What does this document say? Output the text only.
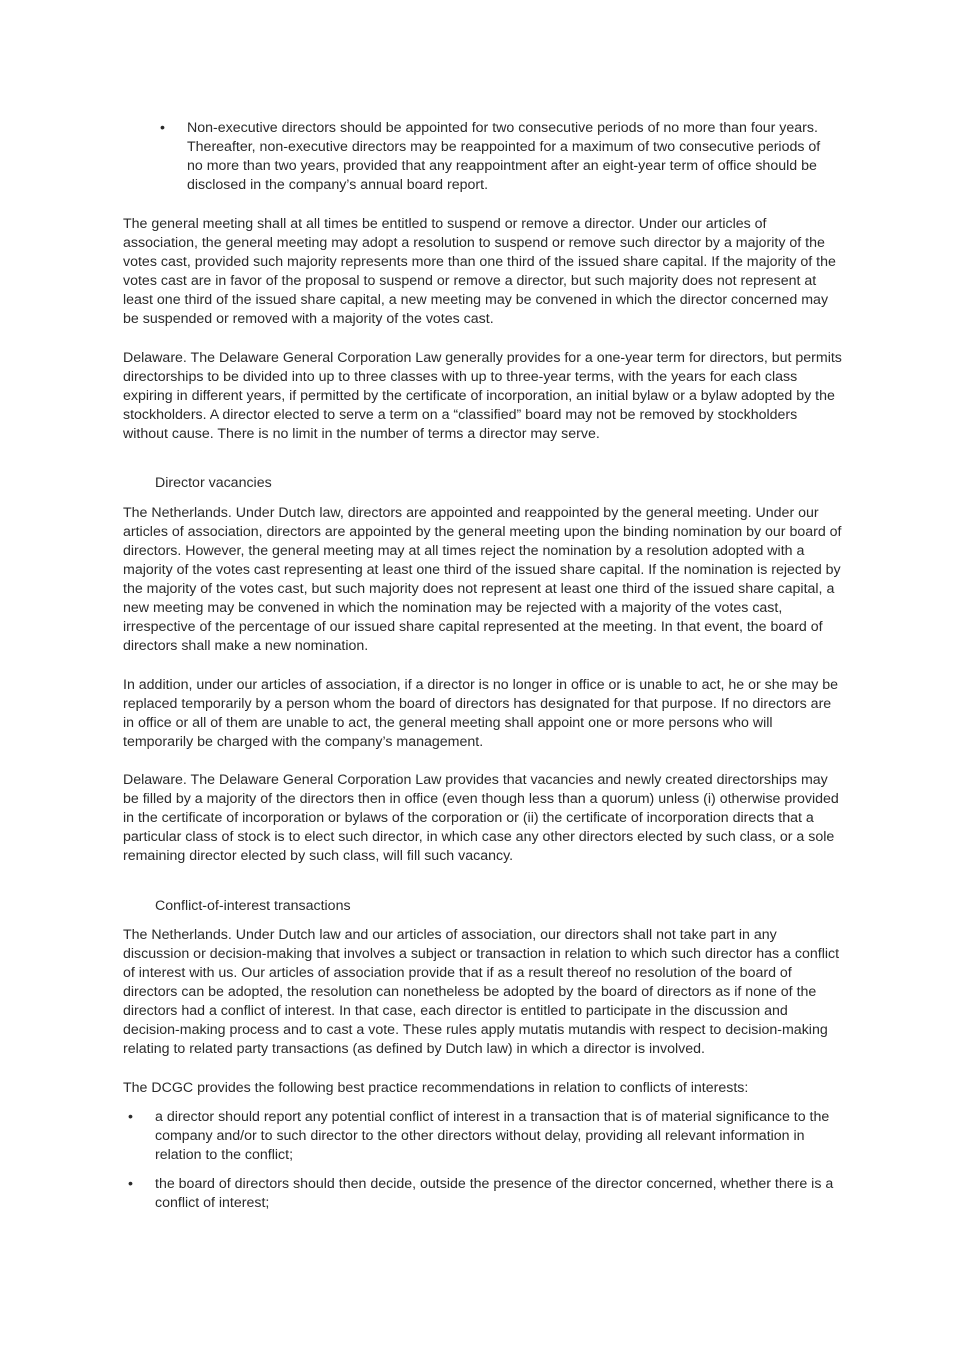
•	Non-executive directors should be appointed for two consecutive periods of no more than four years. Thereafter, non-executive directors may be reappointed for a maximum of two consecutive periods of no more than two years, provided that any reappointment after an eight-year term of office should be disclosed in the company’s annual board report.

The general meeting shall at all times be entitled to suspend or remove a director. Under our articles of association, the general meeting may adopt a resolution to suspend or remove such director by a majority of the votes cast, provided such majority represents more than one third of the issued share capital. If the majority of the votes cast are in favor of the proposal to suspend or remove a director, but such majority does not represent at least one third of the issued share capital, a new meeting may be convened in which the director concerned may be suspended or removed with a majority of the votes cast.

Delaware. The Delaware General Corporation Law generally provides for a one-year term for directors, but permits directorships to be divided into up to three classes with up to three-year terms, with the years for each class expiring in different years, if permitted by the certificate of incorporation, an initial bylaw or a bylaw adopted by the stockholders. A director elected to serve a term on a “classified” board may not be removed by stockholders without cause. There is no limit in the number of terms a director may serve.

Director vacancies

The Netherlands. Under Dutch law, directors are appointed and reappointed by the general meeting. Under our articles of association, directors are appointed by the general meeting upon the binding nomination by our board of directors. However, the general meeting may at all times reject the nomination by a resolution adopted with a majority of the votes cast representing at least one third of the issued share capital. If the nomination is rejected by the majority of the votes cast, but such majority does not represent at least one third of the issued share capital, a new meeting may be convened in which the nomination may be rejected with a majority of the votes cast, irrespective of the percentage of our issued share capital represented at the meeting. In that event, the board of directors shall make a new nomination.

In addition, under our articles of association, if a director is no longer in office or is unable to act, he or she may be replaced temporarily by a person whom the board of directors has designated for that purpose. If no directors are in office or all of them are unable to act, the general meeting shall appoint one or more persons who will temporarily be charged with the company’s management.

Delaware. The Delaware General Corporation Law provides that vacancies and newly created directorships may be filled by a majority of the directors then in office (even though less than a quorum) unless (i) otherwise provided in the certificate of incorporation or bylaws of the corporation or (ii) the certificate of incorporation directs that a particular class of stock is to elect such director, in which case any other directors elected by such class, or a sole remaining director elected by such class, will fill such vacancy.

Conflict-of-interest transactions

The Netherlands. Under Dutch law and our articles of association, our directors shall not take part in any discussion or decision-making that involves a subject or transaction in relation to which such director has a conflict of interest with us. Our articles of association provide that if as a result thereof no resolution of the board of directors can be adopted, the resolution can nonetheless be adopted by the board of directors as if none of the directors had a conflict of interest. In that case, each director is entitled to participate in the discussion and decision-making process and to cast a vote. These rules apply mutatis mutandis with respect to decision-making relating to related party transactions (as defined by Dutch law) in which a director is involved.

The DCGC provides the following best practice recommendations in relation to conflicts of interests:

•	a director should report any potential conflict of interest in a transaction that is of material significance to the company and/or to such director to the other directors without delay, providing all relevant information in relation to the conflict;

•	the board of directors should then decide, outside the presence of the director concerned, whether there is a conflict of interest;
